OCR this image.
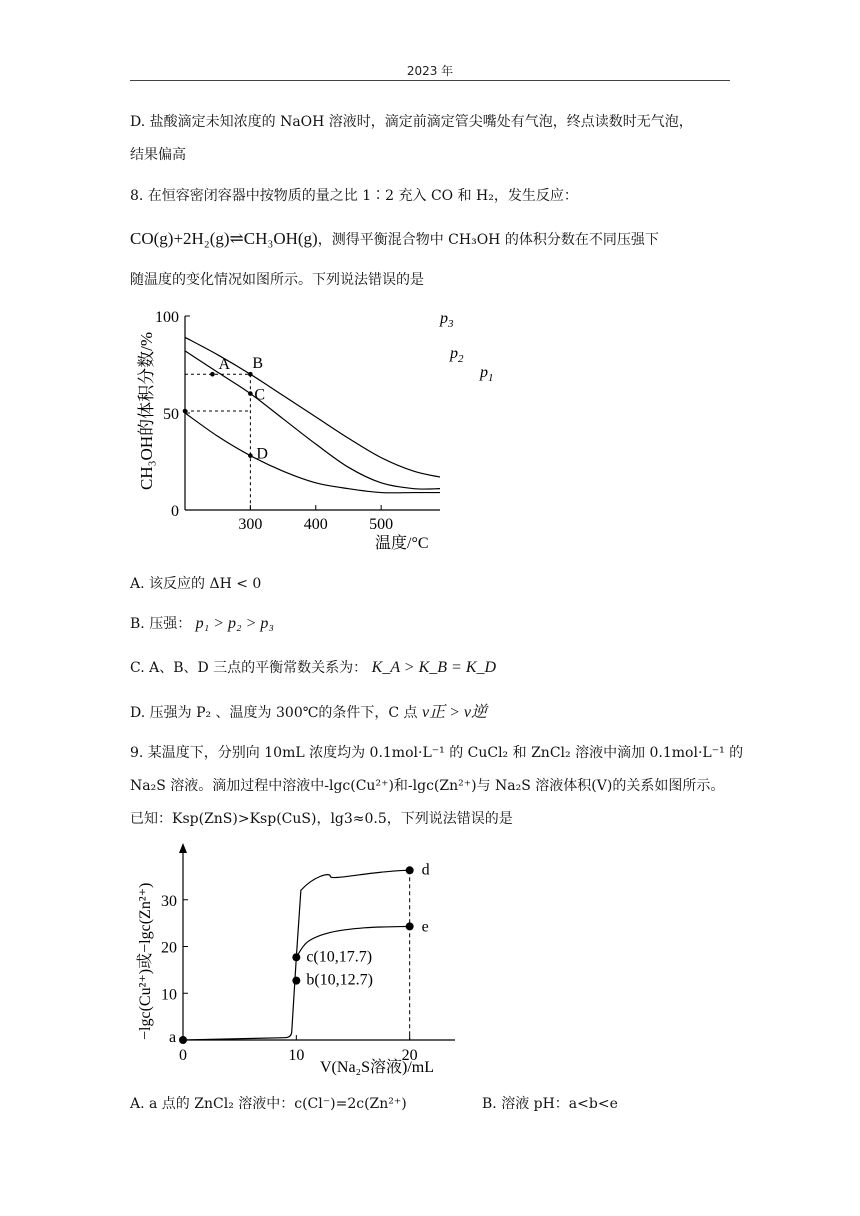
2023 年
D. 盐酸滴定未知浓度的 NaOH 溶液时，滴定前滴定管尖嘴处有气泡，终点读数时无气泡，
结果偏高
8. 在恒容密闭容器中按物质的量之比 1∶2 充入 CO 和 H₂，发生反应：
CO(g)+2H₂(g)⇌CH₃OH(g)，测得平衡混合物中 CH₃OH 的体积分数在不同压强下
随温度的变化情况如图所示。下列说法错误的是
CH₃OH的体积分数/%
0
50
100
300	400	500
$p_1$
$p_2$
$p_3$
A B
C
D
温度/°C
A. 该反应的 ΔH < 0
B. 压强： p₁ > p₂ > p₃
C. A、B、D 三点的平衡常数关系为： K_A > K_B = K_D
D. 压强为 P₂ 、温度为 300℃的条件下，C 点 v正 > v逆
9. 某温度下，分别向 10mL 浓度均为 0.1mol·L⁻¹ 的 CuCl₂ 和 ZnCl₂ 溶液中滴加 0.1mol·L⁻¹ 的
Na₂S 溶液。滴加过程中溶液中-lgc(Cu²⁺)和-lgc(Zn²⁺)与 Na₂S 溶液体积(V)的关系如图所示。
已知：Ksp(ZnS)>Ksp(CuS)，lg3≈0.5，下列说法错误的是
−lgc(Cu²⁺)或−lgc(Zn²⁺) 10
20
30
0	10	20
a
b(10,12.7)
c(10,17.7)
d
e
V(Na₂S溶液)/mL
A. a 点的 ZnCl₂ 溶液中：c(Cl⁻)=2c(Zn²⁺)	B. 溶液 pH：a<b<e
